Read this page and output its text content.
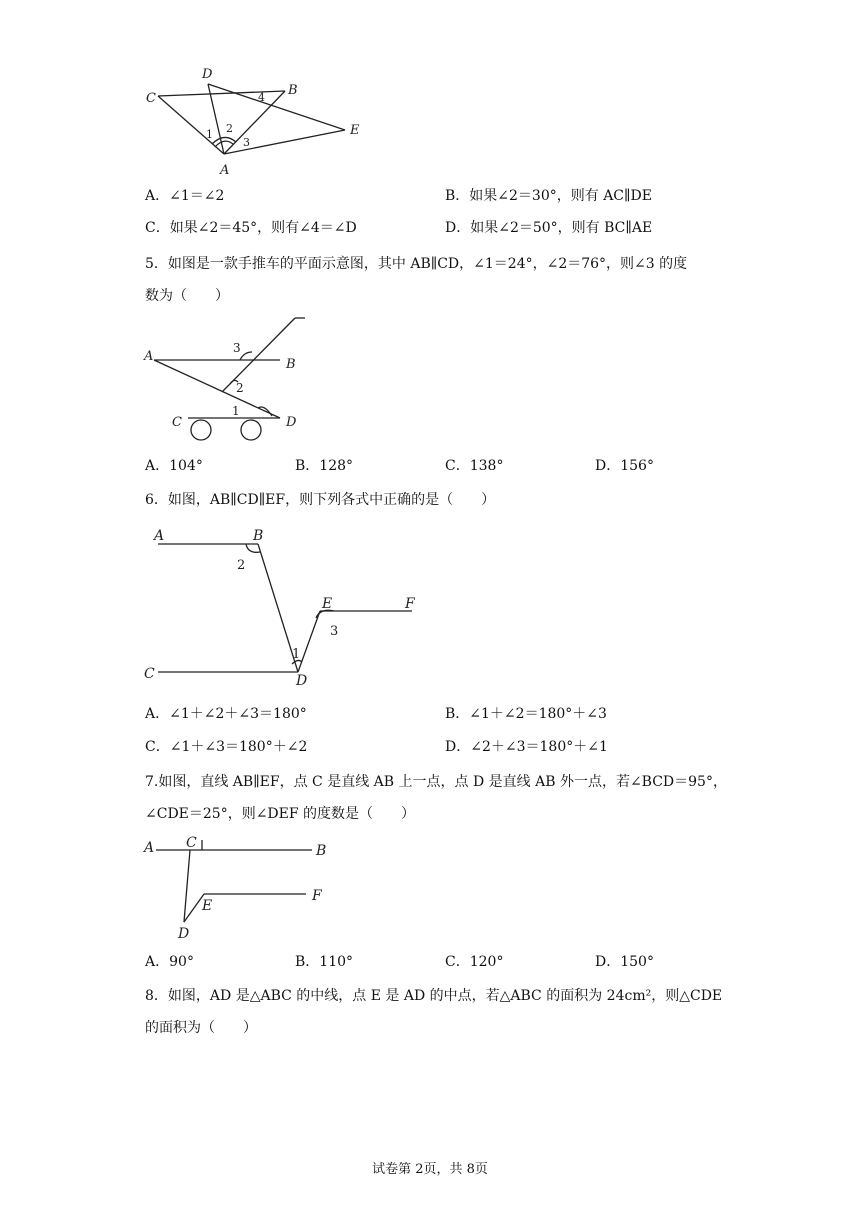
C
D
B
E
A
1 2
3
4
A．∠1＝∠2	B．如果∠2＝30°，则有 AC∥DE
C．如果∠2＝45°，则有∠4＝∠D	D．如果∠2＝50°，则有 BC∥AE
5．如图是一款手推车的平面示意图，其中 AB∥CD，∠1＝24°，∠2＝76°，则∠3 的度
数为（　　）
A
B
C	D
3
2
1
A．104°	B．128°	C．138°	D．156°
6．如图，AB∥CD∥EF，则下列各式中正确的是（　　）
A	B
C	D
E	F
2
3
1
A．∠1＋∠2＋∠3＝180°	B．∠1＋∠2＝180°＋∠3
C．∠1＋∠3＝180°＋∠2	D．∠2＋∠3＝180°＋∠1
7.如图，直线 AB∥EF，点 C 是直线 AB 上一点，点 D 是直线 AB 外一点，若∠BCD＝95°，
∠CDE＝25°，则∠DEF 的度数是（　　）
A C	B
E
F
D
A．90°	B．110°	C．120°	D．150°
8．如图，AD 是△ABC 的中线，点 E 是 AD 的中点，若△ABC 的面积为 24cm²，则△CDE
的面积为（　　）
试卷第 2页，共 8页
